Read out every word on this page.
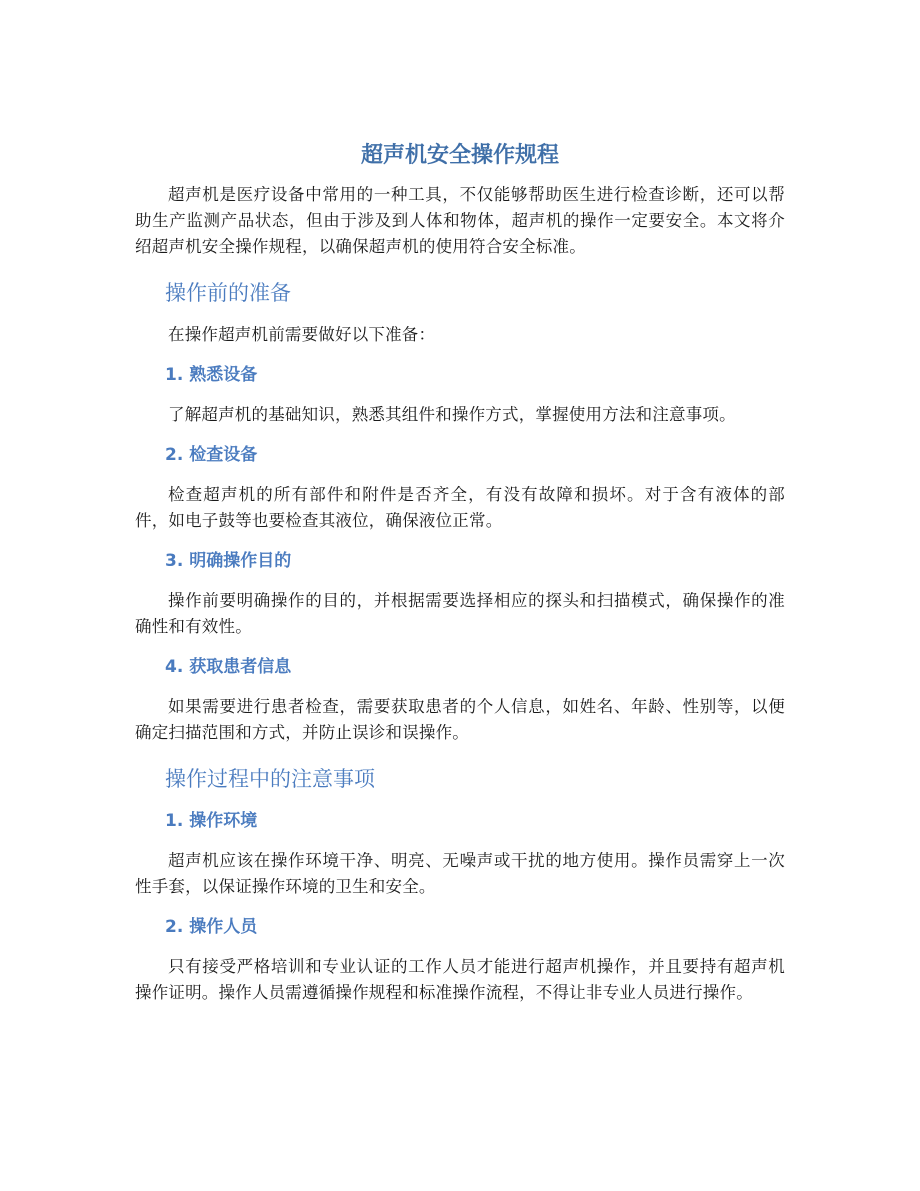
超声机安全操作规程

超声机是医疗设备中常用的一种工具，不仅能够帮助医生进行检查诊断，还可以帮助生产监测产品状态，但由于涉及到人体和物体，超声机的操作一定要安全。本文将介绍超声机安全操作规程，以确保超声机的使用符合安全标准。

操作前的准备

在操作超声机前需要做好以下准备：

1. 熟悉设备

了解超声机的基础知识，熟悉其组件和操作方式，掌握使用方法和注意事项。

2. 检查设备

检查超声机的所有部件和附件是否齐全，有没有故障和损坏。对于含有液体的部件，如电子鼓等也要检查其液位，确保液位正常。

3. 明确操作目的

操作前要明确操作的目的，并根据需要选择相应的探头和扫描模式，确保操作的准确性和有效性。

4. 获取患者信息

如果需要进行患者检查，需要获取患者的个人信息，如姓名、年龄、性别等，以便确定扫描范围和方式，并防止误诊和误操作。

操作过程中的注意事项
1. 操作环境

超声机应该在操作环境干净、明亮、无噪声或干扰的地方使用。操作员需穿上一次性手套，以保证操作环境的卫生和安全。

2. 操作人员

只有接受严格培训和专业认证的工作人员才能进行超声机操作，并且要持有超声机操作证明。操作人员需遵循操作规程和标准操作流程，不得让非专业人员进行操作。
